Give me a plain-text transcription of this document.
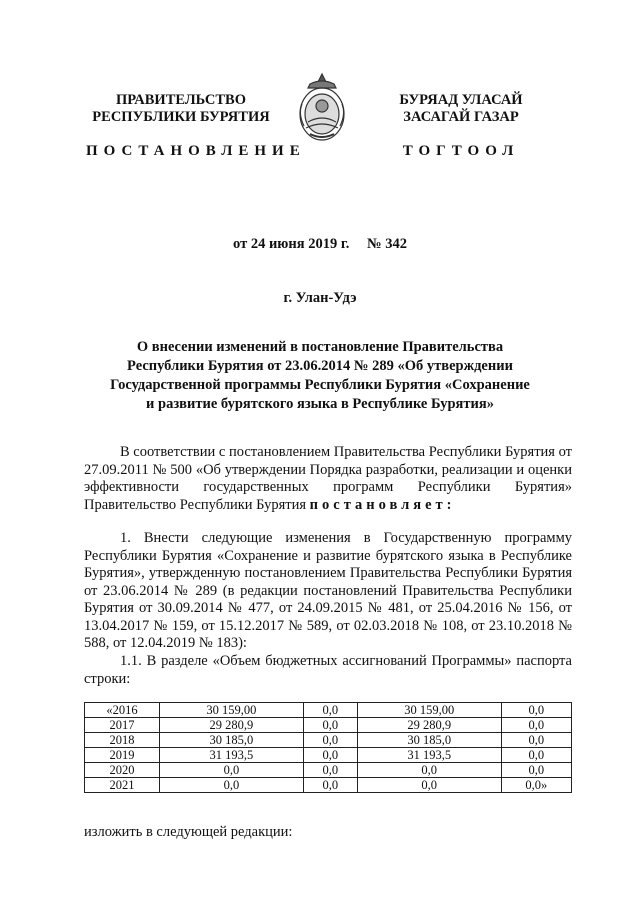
ПРАВИТЕЛЬСТВО
РЕСПУБЛИКИ БУРЯТИЯ
ПОСТАНОВЛЕНИЕ
БУРЯАД УЛАСАЙ
ЗАСАГАЙ ГАЗАР
ТОГТООЛ
от 24 июня 2019 г. № 342
г. Улан-Удэ
О внесении изменений в постановление Правительства
Республики Бурятия от 23.06.2014 № 289 «Об утверждении
Государственной программы Республики Бурятия «Сохранение
и развитие бурятского языка в Республике Бурятия»
В соответствии с постановлением Правительства Республики Бурятия от 27.09.2011 № 500 «Об утверждении Порядка разработки, реализации и оценки эффективности государственных программ Республики Бурятия» Правительство Республики Бурятия постановляет:
1. Внести следующие изменения в Государственную программу Республики Бурятия «Сохранение и развитие бурятского языка в Республике Бурятия», утвержденную постановлением Правительства Республики Бурятия от 23.06.2014 № 289 (в редакции постановлений Правительства Республики Бурятия от 30.09.2014 № 477, от 24.09.2015 № 481, от 25.04.2016 № 156, от 13.04.2017 № 159, от 15.12.2017 № 589, от 02.03.2018 № 108, от 23.10.2018 № 588, от 12.04.2019 № 183):
1.1. В разделе «Объем бюджетных ассигнований Программы» паспорта строки:
«2016	30 159,00	0,0	30 159,00	0,0
2017	29 280,9	0,0	29 280,9	0,0
2018	30 185,0	0,0	30 185,0	0,0
2019	31 193,5	0,0	31 193,5	0,0
2020	0,0	0,0	0,0	0,0
2021	0,0	0,0	0,0	0,0»
изложить в следующей редакции:
